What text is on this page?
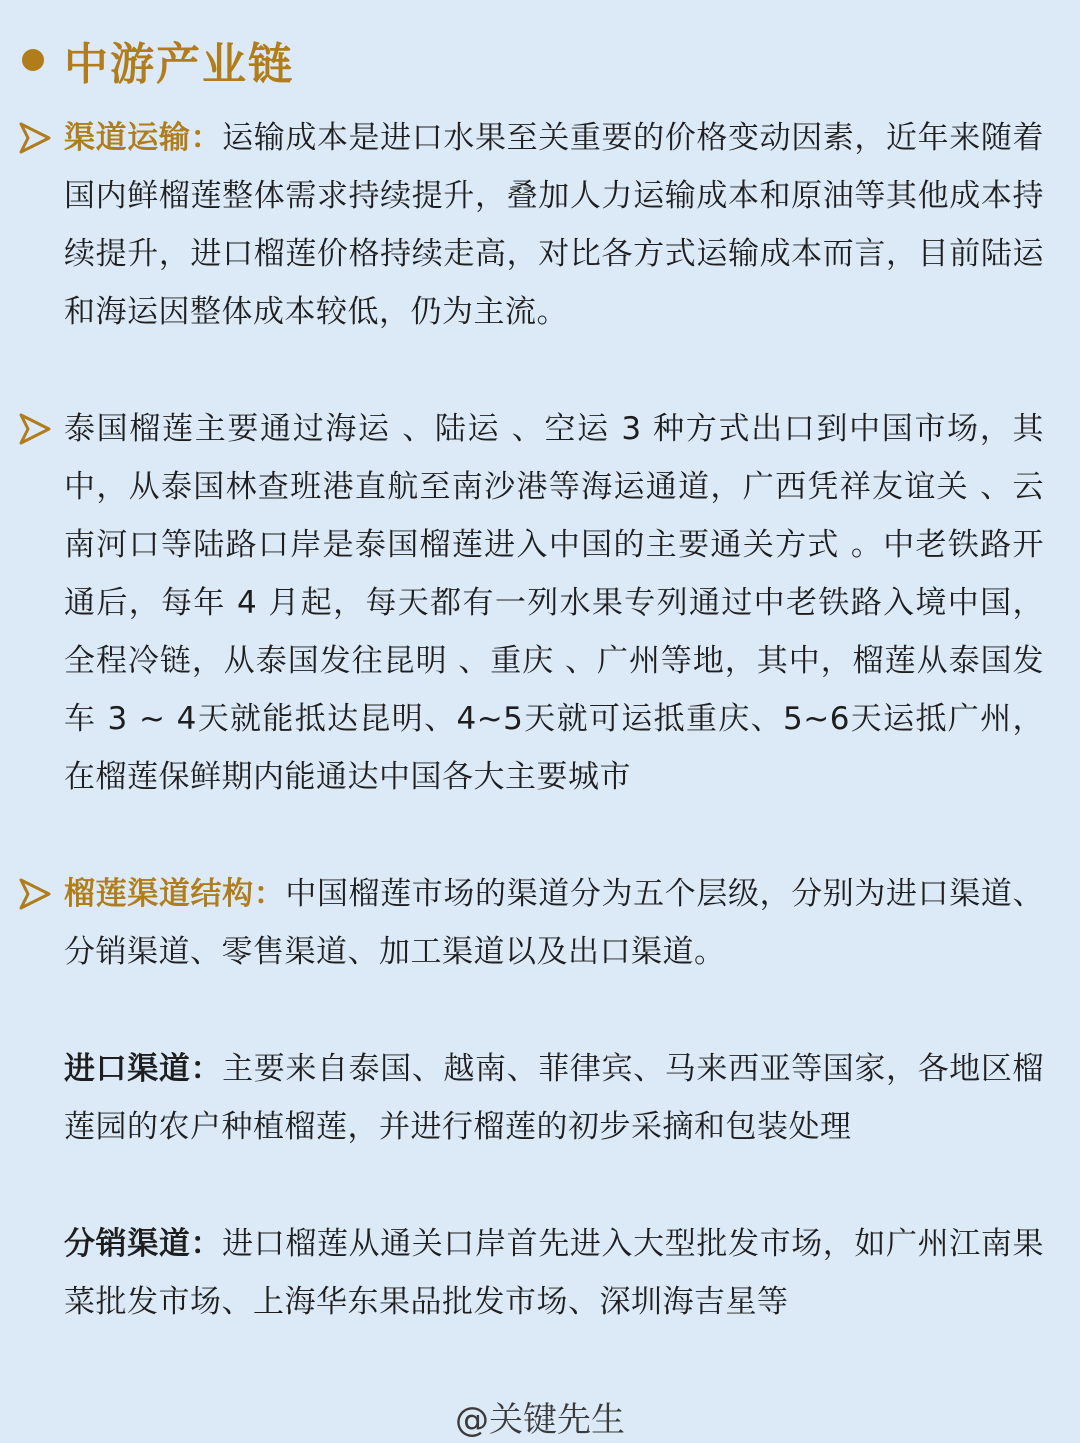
中游产业链
渠道运输：运输成本是进口水果至关重要的价格变动因素，近年来随着国内鲜榴莲整体需求持续提升，叠加人力运输成本和原油等其他成本持续提升，进口榴莲价格持续走高，对比各方式运输成本而言，目前陆运和海运因整体成本较低，仍为主流。
泰国榴莲主要通过海运 、陆运 、空运 3 种方式出口到中国市场，其中，从泰国林查班港直航至南沙港等海运通道，广西凭祥友谊关 、云南河口等陆路口岸是泰国榴莲进入中国的主要通关方式 。中老铁路开通后，每年 4 月起，每天都有一列水果专列通过中老铁路入境中国，全程冷链，从泰国发往昆明 、重庆 、广州等地，其中，榴莲从泰国发车 3 ~ 4天就能抵达昆明、4~5天就可运抵重庆、5~6天运抵广州，在榴莲保鲜期内能通达中国各大主要城市
榴莲渠道结构：中国榴莲市场的渠道分为五个层级，分别为进口渠道、分销渠道、零售渠道、加工渠道以及出口渠道。
进口渠道：主要来自泰国、越南、菲律宾、马来西亚等国家，各地区榴莲园的农户种植榴莲，并进行榴莲的初步采摘和包装处理
分销渠道：进口榴莲从通关口岸首先进入大型批发市场，如广州江南果菜批发市场、上海华东果品批发市场、深圳海吉星等
@关键先生
